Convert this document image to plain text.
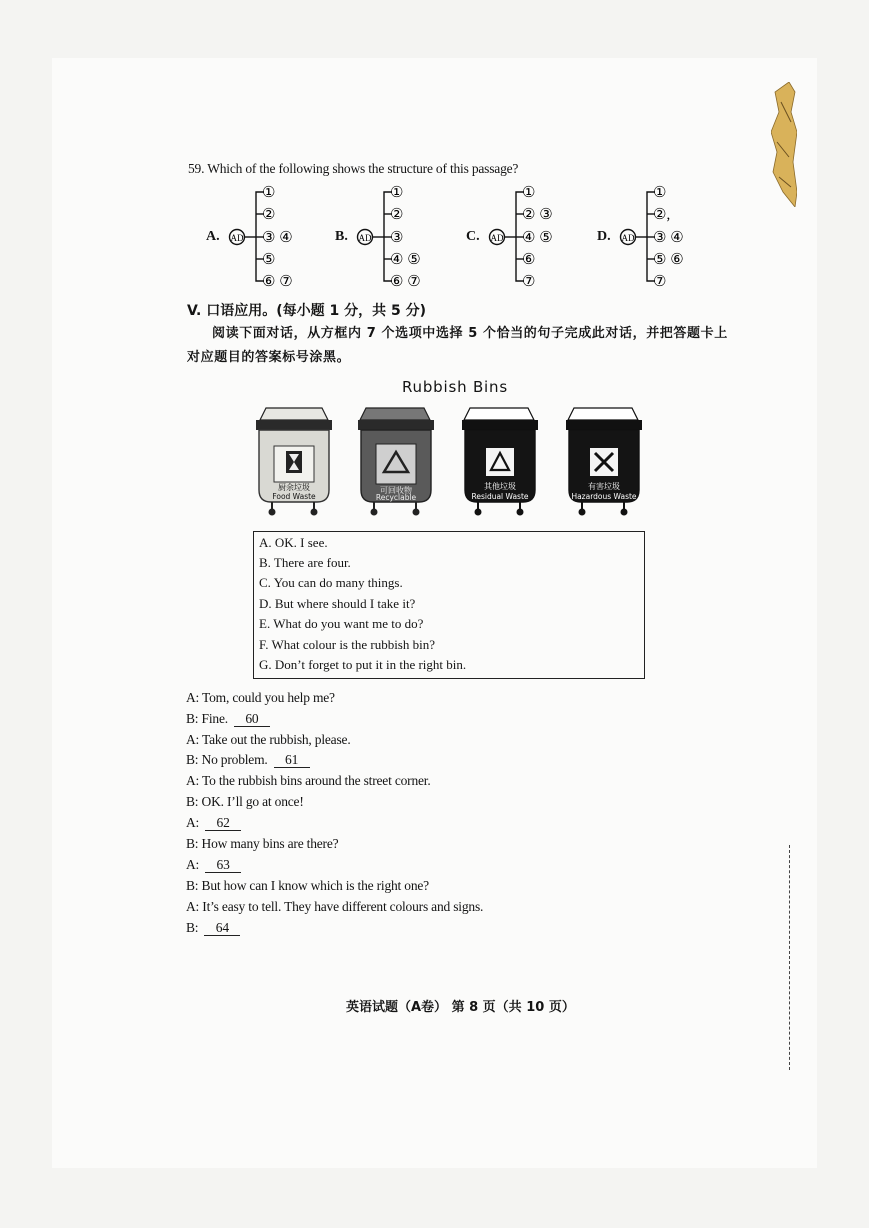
59. Which of the following shows the structure of this passage?
A. AD
①
②
③ ④
⑤
⑥ ⑦
B. AD
①
②
③
④ ⑤
⑥ ⑦
C. AD
①
② ③
④ ⑤
⑥
⑦
D. AD
①
②,
③ ④
⑤ ⑥
⑦
V. 口语应用。(每小题 1 分，共 5 分)
阅读下面对话，从方框内 7 个选项中选择 5 个恰当的句子完成此对话，并把答题卡上
对应题目的答案标号涂黑。
Rubbish Bins
厨余垃圾
Food Waste
可回收物
Recyclable
其他垃圾
Residual Waste
有害垃圾
Hazardous Waste
A. OK. I see.
B. There are four.
C. You can do many things.
D. But where should I take it?
E. What do you want me to do?
F. What colour is the rubbish bin?
G. Don’t forget to put it in the right bin.
A: Tom, could you help me?
B: Fine. 60
A: Take out the rubbish, please.
B: No problem. 61
A: To the rubbish bins around the street corner.
B: OK. I’ll go at once!
A: 62
B: How many bins are there?
A: 63
B: But how can I know which is the right one?
A: It’s easy to tell. They have different colours and signs.
B: 64
英语试题（A卷） 第 8 页（共 10 页）
